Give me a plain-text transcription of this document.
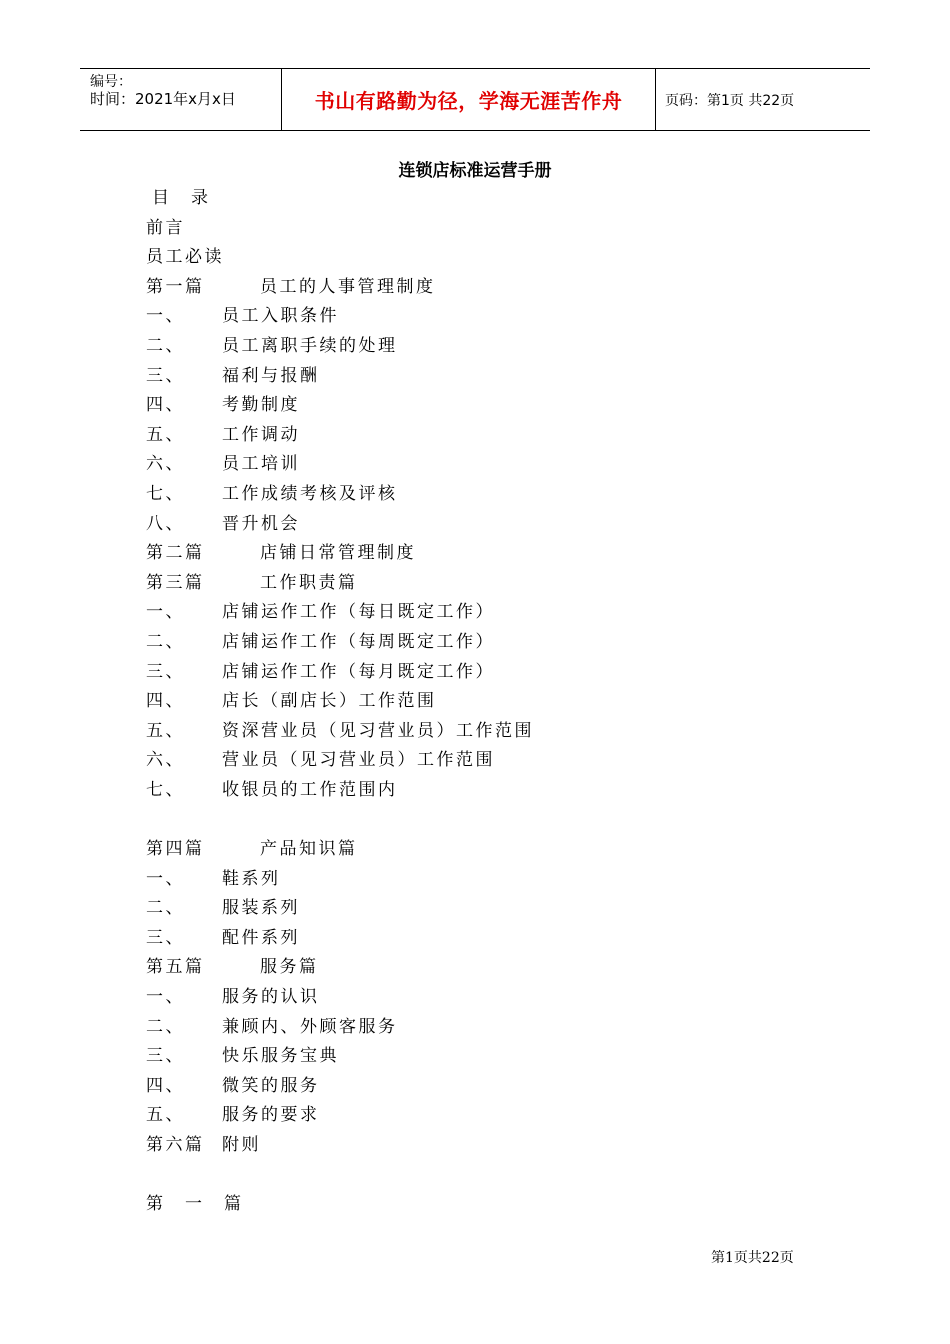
编号：
时间：2021年x月x日	书山有路勤为径，学海无涯苦作舟	页码：第1页 共22页
连锁店标准运营手册
目　录
前言
员工必读
第一篇	员工的人事管理制度
一、 员工入职条件
二、 员工离职手续的处理
三、 福利与报酬
四、 考勤制度
五、 工作调动
六、 员工培训
七、 工作成绩考核及评核
八、 晋升机会
第二篇	店铺日常管理制度
第三篇	工作职责篇
一、 店铺运作工作（每日既定工作）
二、 店铺运作工作（每周既定工作）
三、 店铺运作工作（每月既定工作）
四、 店长（副店长）工作范围
五、 资深营业员（见习营业员）工作范围
六、 营业员（见习营业员）工作范围
七、 收银员的工作范围内
第四篇	产品知识篇
一、 鞋系列
二、 服装系列
三、 配件系列
第五篇	服务篇
一、 服务的认识
二、 兼顾内、外顾客服务
三、 快乐服务宝典
四、 微笑的服务
五、 服务的要求
第六篇 附则
第　一　篇
第1页共22页
